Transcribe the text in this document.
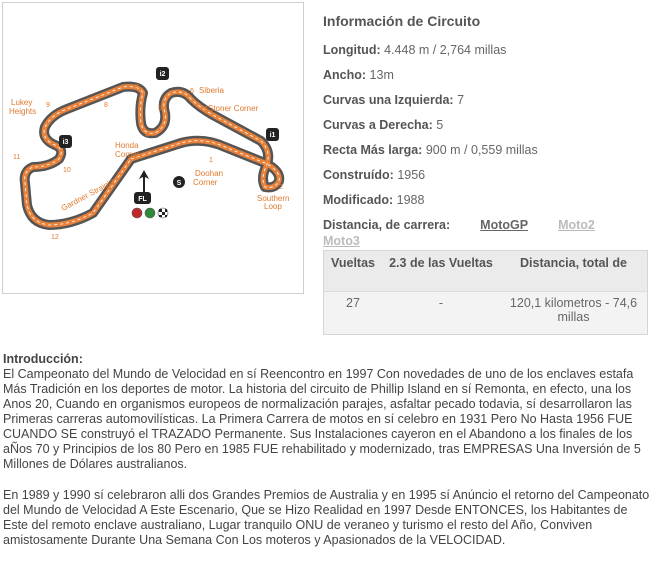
Lukey
Heights
Siberia
Stoner Corner
Honda
Corner
Doohan
Corner
Southern
Loop
Gardner Straight
1
2
3
4
5
6
7
8
9
10
11
12
i2
i1
i3
FL
S
Información de Circuito
Longitud: 4.448 m / 2,764 millas
Ancho: 13m
Curvas una Izquierda: 7
Curvas a Derecha: 5
Recta Más larga: 900 m / 0,559 millas
Construído: 1956
Modificado: 1988
Distancia, de carrera: MotoGP Moto2
Moto3
Vueltas	2.3 de las Vueltas	Distancia, total de
27	-	120,1 kilometros - 74,6 millas
Introducción:

El Campeonato del Mundo de Velocidad en sí Reencontro en 1997 Con novedades de uno de los enclaves estafa Más Tradición en los deportes de motor. La historia del circuito de Phillip Island en sí Remonta, en efecto, una los Anos 20, Cuando en organismos europeos de normalización parajes, asfaltar pecado todavia, sí desarrollaron las Primeras carreras automovilísticas. La Primera Carrera de motos en sí celebro en 1931 Pero No Hasta 1956 FUE CUANDO SE construyó el TRAZADO Permanente. Sus Instalaciones cayeron en el Abandono a los finales de los aÑos 70 y Principios de los 80 Pero en 1985 FUE rehabilitado y modernizado, tras EMPRESAS Una Inversión de 5 Millones de Dólares australianos.

En 1989 y 1990 sí celebraron alli dos Grandes Premios de Australia y en 1995 sí Anúncio el retorno del Campeonato del Mundo de Velocidad A Este Escenario, Que se Hizo Realidad en 1997 Desde ENTONCES, los Habitantes de Este del remoto enclave australiano, Lugar tranquilo ONU de veraneo y turismo el resto del Año, Conviven amistosamente Durante Una Semana Con Los moteros y Apasionados de la VELOCIDAD.
